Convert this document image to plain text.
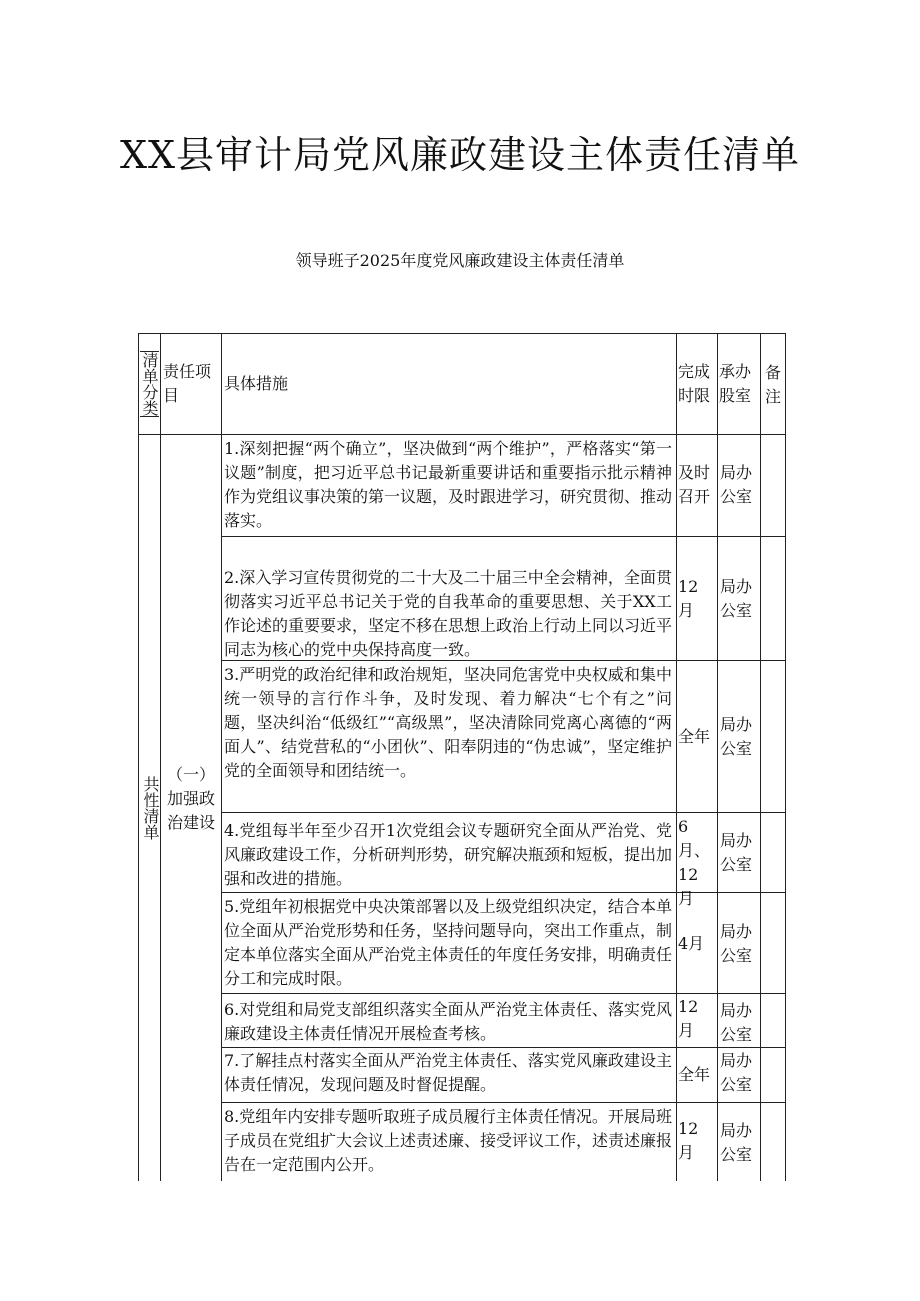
XX县审计局党风廉政建设主体责任清单
领导班子2025年度党风廉政建设主体责任清单
清单分类 责任项目
具体措施
完成时限
承办股室
备注
共性清单
（一）加强政治建设
1.深刻把握“两个确立”，坚决做到“两个维护”，严格落实“第一议题”制度，把习近平总书记最新重要讲话和重要指示批示精神作为党组议事决策的第一议题，及时跟进学习，研究贯彻、推动落实。
及时召开
局办公室
2.深入学习宣传贯彻党的二十大及二十届三中全会精神，全面贯彻落实习近平总书记关于党的自我革命的重要思想、关于XX工作论述的重要要求，坚定不移在思想上政治上行动上同以习近平同志为核心的党中央保持高度一致。
12月
局办公室
3.严明党的政治纪律和政治规矩，坚决同危害党中央权威和集中统一领导的言行作斗争，及时发现、着力解决“七个有之”问题，坚决纠治“低级红”“高级黑”，坚决清除同党离心离德的“两面人”、结党营私的“小团伙”、阳奉阴违的“伪忠诚”，坚定维护党的全面领导和团结统一。
全年
局办公室
4.党组每半年至少召开1次党组会议专题研究全面从严治党、党风廉政建设工作，分析研判形势，研究解决瓶颈和短板，提出加强和改进的措施。
6月、12月
局办公室
5.党组年初根据党中央决策部署以及上级党组织决定，结合本单位全面从严治党形势和任务，坚持问题导向，突出工作重点，制定本单位落实全面从严治党主体责任的年度任务安排，明确责任分工和完成时限。
4月
局办公室
6.对党组和局党支部组织落实全面从严治党主体责任、落实党风廉政建设主体责任情况开展检查考核。
12月
局办公室
7.了解挂点村落实全面从严治党主体责任、落实党风廉政建设主体责任情况，发现问题及时督促提醒。
全年
局办公室
8.党组年内安排专题听取班子成员履行主体责任情况。开展局班子成员在党组扩大会议上述责述廉、接受评议工作，述责述廉报告在一定范围内公开。
12月
局办公室
